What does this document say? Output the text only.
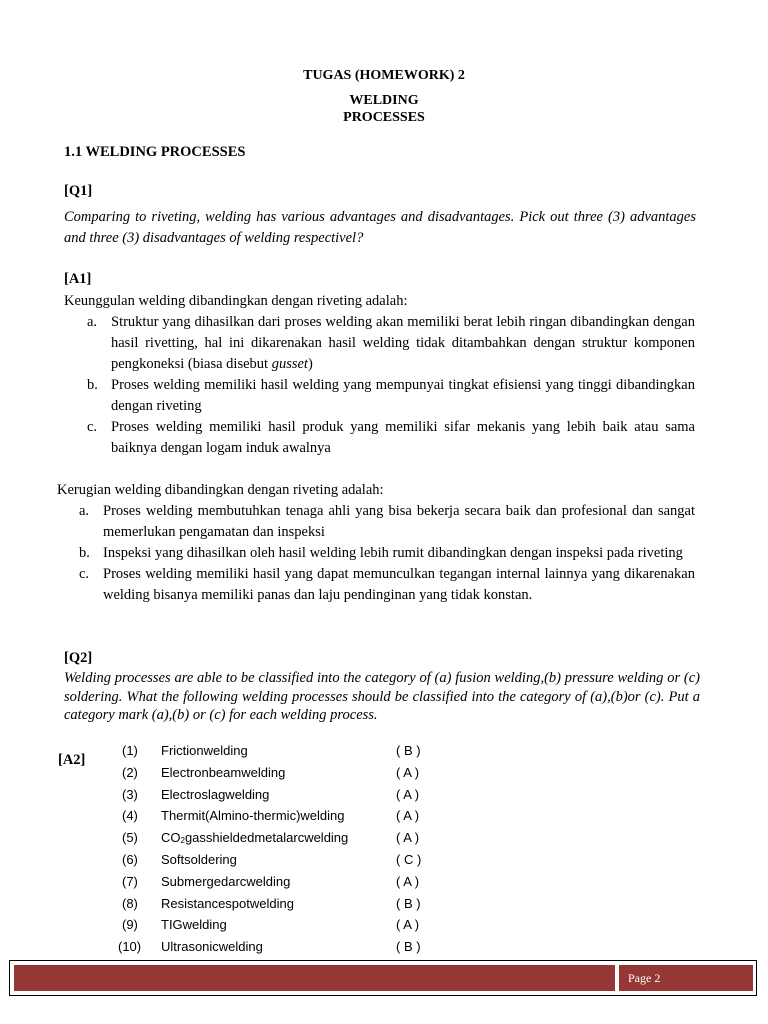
TUGAS (HOMEWORK) 2
WELDING
PROCESSES
1.1 WELDING PROCESSES
[Q1]
Comparing to riveting, welding has various advantages and disadvantages. Pick out three (3) advantages and three (3) disadvantages of welding respectivel?
[A1]
Keunggulan welding dibandingkan dengan riveting adalah:
a. Struktur yang dihasilkan dari proses welding akan memiliki berat lebih ringan dibandingkan dengan hasil rivetting, hal ini dikarenakan hasil welding tidak ditambahkan dengan struktur komponen pengkoneksi (biasa disebut gusset)
b. Proses welding memiliki hasil welding yang mempunyai tingkat efisiensi yang tinggi dibandingkan dengan riveting
c. Proses welding memiliki hasil produk yang memiliki sifar mekanis yang lebih baik atau sama baiknya dengan logam induk awalnya
Kerugian welding dibandingkan dengan riveting adalah:
a. Proses welding membutuhkan tenaga ahli yang bisa bekerja secara baik dan profesional dan sangat memerlukan pengamatan dan inspeksi
b. Inspeksi yang dihasilkan oleh hasil welding lebih rumit dibandingkan dengan inspeksi pada riveting
c. Proses welding memiliki hasil yang dapat memunculkan tegangan internal lainnya yang dikarenakan welding bisanya memiliki panas dan laju pendinginan yang tidak konstan.
[Q2]
Welding processes are able to be classified into the category of (a) fusion welding,(b) pressure welding or (c) soldering. What the following welding processes should be classified into the category of (a),(b)or (c). Put a category mark (a),(b) or (c) for each welding process.
[A2]
(1) Frictionwelding	( B )
(2) Electronbeamwelding	( A )
(3) Electroslagwelding	( A )
(4) Thermit(Almino-thermic)welding	( A )
(5) $CO_2gasshieldedmetalarcwelding$	( A )
(6) Softsoldering	( C )
(7) Submergedarcwelding	( A )
(8) Resistancespotwelding	( B )
(9) TIGwelding	( A )
(10) Ultrasonicwelding	( B )
Page 2
